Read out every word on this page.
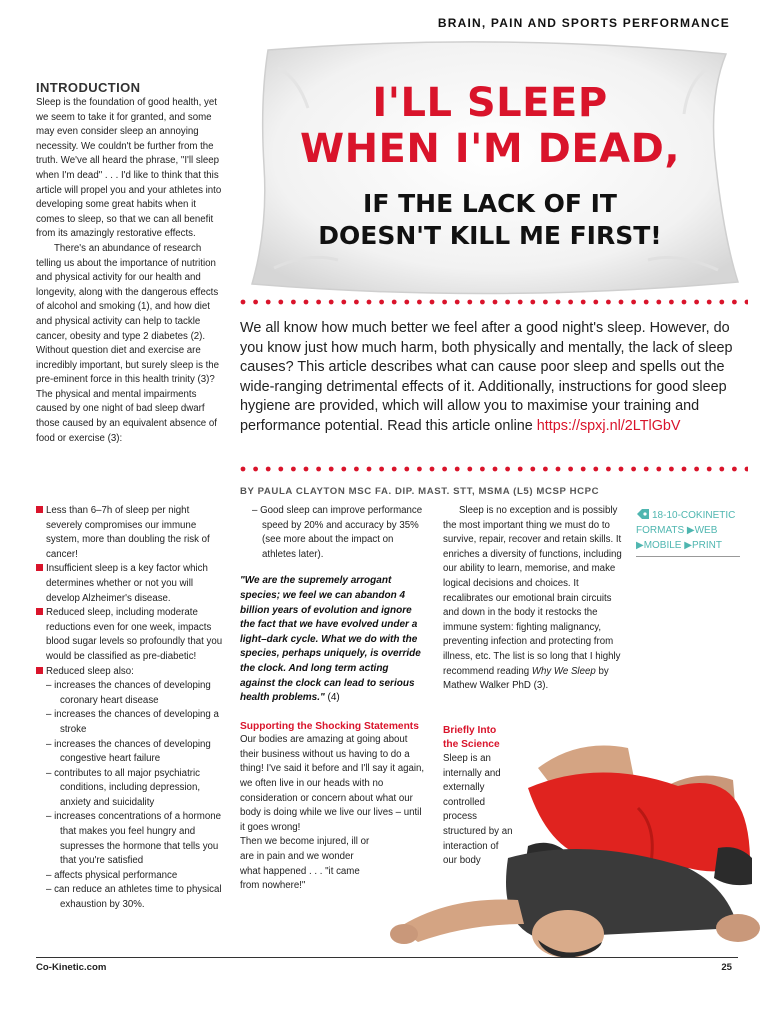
BRAIN, PAIN AND SPORTS PERFORMANCE
I'LL SLEEP
WHEN I'M DEAD,
IF THE LACK OF IT
DOESN'T KILL ME FIRST!
We all know how much better we feel after a good night's sleep. However, do you know just how much harm, both physically and mentally, the lack of sleep causes? This article describes what can cause poor sleep and spells out the wide-ranging detrimental effects of it. Additionally, instructions for good sleep hygiene are provided, which will allow you to maximise your training and performance potential. Read this article online https://spxj.nl/2LTlGbV
BY PAULA CLAYTON MSC FA. DIP. MAST. STT, MSMA (L5) MCSP HCPC
INTRODUCTION

Sleep is the foundation of good health, yet we seem to take it for granted, and some may even consider sleep an annoying necessity. We couldn't be further from the truth. We've all heard the phrase, "I'll sleep when I'm dead" . . . I'd like to think that this article will propel you and your athletes into developing some great habits when it comes to sleep, so that we can all benefit from its amazingly restorative effects.

There's an abundance of research telling us about the importance of nutrition and physical activity for our health and longevity, along with the dangerous effects of alcohol and smoking (1), and how diet and physical activity can help to tackle cancer, obesity and type 2 diabetes (2). Without question diet and exercise are incredibly important, but surely sleep is the pre-eminent force in this health trinity (3)? The physical and mental impairments caused by one night of bad sleep dwarf those caused by an equivalent absence of food or exercise (3):

Less than 6–7h of sleep per night severely compromises our immune system, more than doubling the risk of cancer!
Insufficient sleep is a key factor which determines whether or not you will develop Alzheimer's disease.
Reduced sleep, including moderate reductions even for one week, impacts blood sugar levels so profoundly that you would be classified as pre-diabetic!
Reduced sleep also:
– increases the chances of developing coronary heart disease
– increases the chances of developing a stroke
– increases the chances of developing congestive heart failure
– contributes to all major psychiatric conditions, including depression, anxiety and suicidality
– increases concentrations of a hormone that makes you feel hungry and supresses the hormone that tells you that you're satisfied
– affects physical performance
– can reduce an athletes time to physical exhaustion by 30%.
– Good sleep can improve performance speed by 20% and accuracy by 35% (see more about the impact on athletes later).
"We are the supremely arrogant species; we feel we can abandon 4 billion years of evolution and ignore the fact that we have evolved under a light–dark cycle. What we do with the species, perhaps uniquely, is override the clock. And long term acting against the clock can lead to serious health problems." (4)
Supporting the Shocking Statements
Our bodies are amazing at going about their business without us having to do a thing! I've said it before and I'll say it again, we often live in our heads with no consideration or concern about what our body is doing while we live our lives – until it goes wrong!
Then we become injured, ill or are in pain and we wonder what happened . . . "it came from nowhere!"

Sleep is no exception and is possibly the most important thing we must do to survive, repair, recover and retain skills. It enriches a diversity of functions, including our ability to learn, memorise, and make logical decisions and choices. It recalibrates our emotional brain circuits and down in the body it restocks the immune system: fighting malignancy, preventing infection and protecting from illness, etc. The list is so long that I highly recommend reading Why We Sleep by Mathew Walker PhD (3).

Briefly Into
the Science
Sleep is an internally and externally controlled process structured by an interaction of our body
18-10-COKINETIC
FORMATS ▶WEB
▶MOBILE ▶PRINT
Co-Kinetic.com	25
